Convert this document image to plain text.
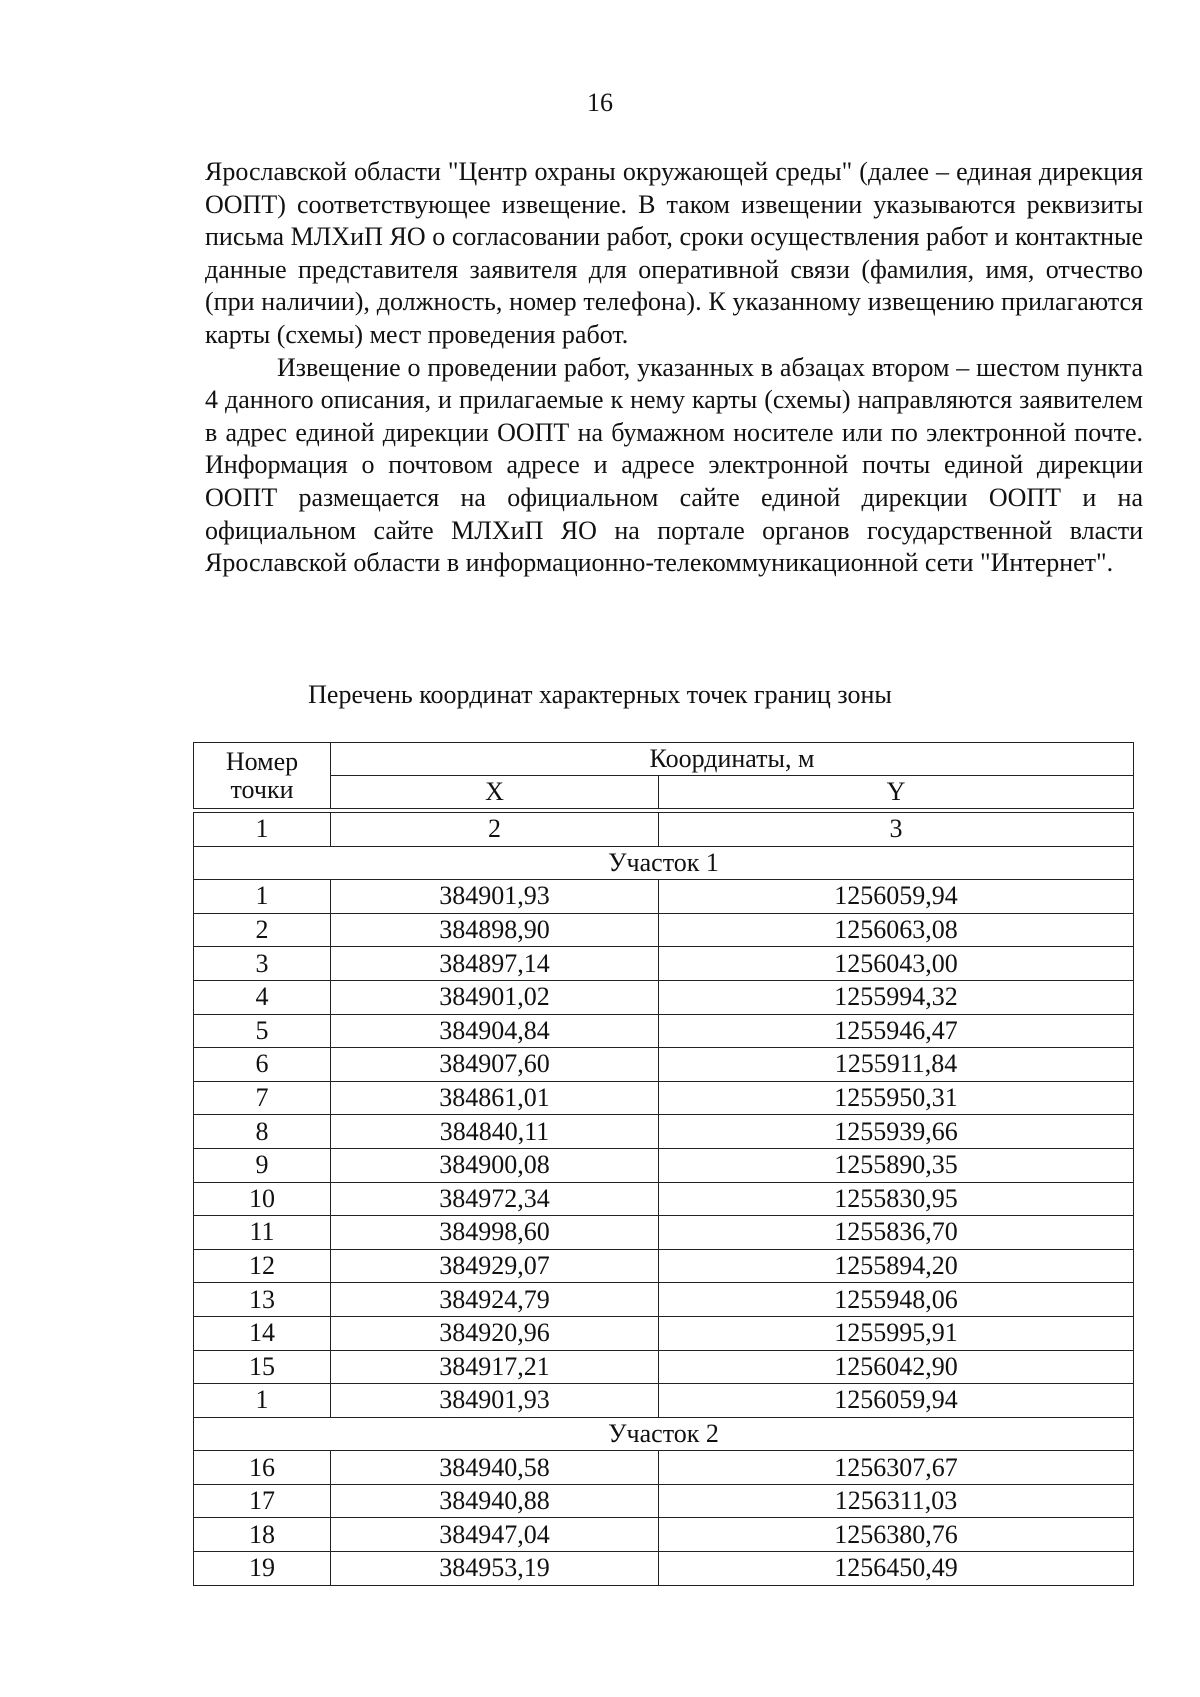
16

Ярославской области "Центр охраны окружающей среды" (далее – единая дирекция ООПТ) соответствующее извещение. В таком извещении указываются реквизиты письма МЛХиП ЯО о согласовании работ, сроки осуществления работ и контактные данные представителя заявителя для оперативной связи (фамилия, имя, отчество (при наличии), должность, номер телефона). К указанному извещению прилагаются карты (схемы) мест проведения работ.

Извещение о проведении работ, указанных в абзацах втором – шестом пункта 4 данного описания, и прилагаемые к нему карты (схемы) направляются заявителем в адрес единой дирекции ООПТ на бумажном носителе или по электронной почте. Информация о почтовом адресе и адресе электронной почты единой дирекции ООПТ размещается на официальном сайте единой дирекции ООПТ и на официальном сайте МЛХиП ЯО на портале органов государственной власти Ярославской области в информационно-телекоммуникационной сети "Интернет".

Перечень координат характерных точек границ зоны
Номер
точки	Координаты, м	
	X	Y

1	2	3
Участок 1		
1	384901,93	1256059,94
2	384898,90	1256063,08
3	384897,14	1256043,00
4	384901,02	1255994,32
5	384904,84	1255946,47
6	384907,60	1255911,84
7	384861,01	1255950,31
8	384840,11	1255939,66
9	384900,08	1255890,35
10	384972,34	1255830,95
11	384998,60	1255836,70
12	384929,07	1255894,20
13	384924,79	1255948,06
14	384920,96	1255995,91
15	384917,21	1256042,90
1	384901,93	1256059,94
Участок 2		
16	384940,58	1256307,67
17	384940,88	1256311,03
18	384947,04	1256380,76
19	384953,19	1256450,49
